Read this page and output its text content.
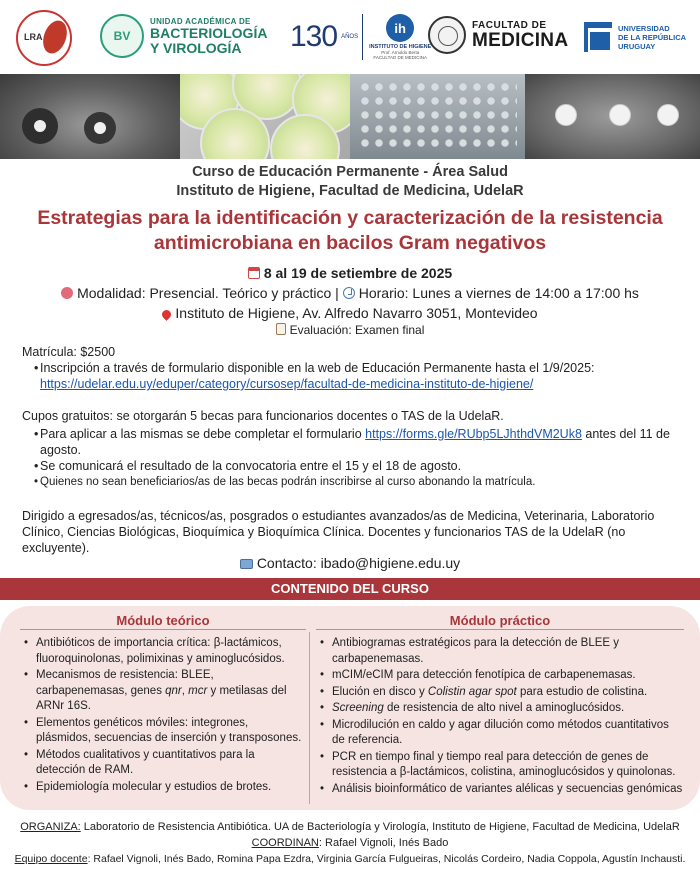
LRA	BV
UNIDAD ACADÉMICA DE
BACTERIOLOGÍA
Y VIROLOGÍA	130 AÑOS
ih
INSTITUTO DE HIGIENE
Prof. Arnoldo Berta
FACULTAD DE MEDICINA
FACULTAD DE
MEDICINA
UNIVERSIDAD
DE LA REPÚBLICA
URUGUAY
Curso de Educación Permanente - Área Salud
Instituto de Higiene, Facultad de Medicina, UdelaR
Estrategias para la identificación y caracterización de la resistencia antimicrobiana en bacilos Gram negativos
8 al 19 de setiembre de 2025
Modalidad: Presencial. Teórico y práctico | Horario: Lunes a viernes de 14:00 a 17:00 hs
Instituto de Higiene, Av. Alfredo Navarro 3051, Montevideo
Evaluación: Examen final
Matrícula: $2500
• Inscripción a través de formulario disponible en la web de Educación Permanente hasta el 1/9/2025:
https://udelar.edu.uy/eduper/category/cursosep/facultad-de-medicina-instituto-de-higiene/
Cupos gratuitos: se otorgarán 5 becas para funcionarios docentes o TAS de la UdelaR.
• Para aplicar a las mismas se debe completar el formulario https://forms.gle/RUbp5LJhthdVM2Uk8 antes del 11 de agosto.
• Se comunicará el resultado de la convocatoria entre el 15 y el 18 de agosto.
• Quienes no sean beneficiarios/as de las becas podrán inscribirse al curso abonando la matrícula.
Dirigido a egresados/as, técnicos/as, posgrados o estudiantes avanzados/as de Medicina, Veterinaria, Laboratorio Clínico, Ciencias Biológicas, Bioquímica y Bioquímica Clínica. Docentes y funcionarios TAS de la UdelaR (no excluyente).
Contacto: ibado@higiene.edu.uy
CONTENIDO DEL CURSO
Módulo teórico
• Antibióticos de importancia crítica: β-lactámicos, fluoroquinolonas, polimixinas y aminoglucósidos.
• Mecanismos de resistencia: BLEE, carbapenemasas, genes qnr, mcr y metilasas del ARNr 16S.
• Elementos genéticos móviles: integrones, plásmidos, secuencias de inserción y transposones.
• Métodos cualitativos y cuantitativos para la detección de RAM.
• Epidemiología molecular y estudios de brotes.
Módulo práctico
• Antibiogramas estratégicos para la detección de BLEE y carbapenemasas.
• mCIM/eCIM para detección fenotípica de carbapenemasas.
• Elución en disco y Colistin agar spot para estudio de colistina.
• Screening de resistencia de alto nivel a aminoglucósidos.
• Microdilución en caldo y agar dilución como métodos cuantitativos de referencia.
• PCR en tiempo final y tiempo real para detección de genes de resistencia a β-lactámicos, colistina, aminoglucósidos y quinolonas.
• Análisis bioinformático de variantes alélicas y secuencias genómicas
ORGANIZA: Laboratorio de Resistencia Antibiótica. UA de Bacteriología y Virología, Instituto de Higiene, Facultad de Medicina, UdelaR
COORDINAN: Rafael Vignoli, Inés Bado
Equipo docente: Rafael Vignoli, Inés Bado, Romina Papa Ezdra, Virginia García Fulgueiras, Nicolás Cordeiro, Nadia Coppola, Agustín Inchausti.
